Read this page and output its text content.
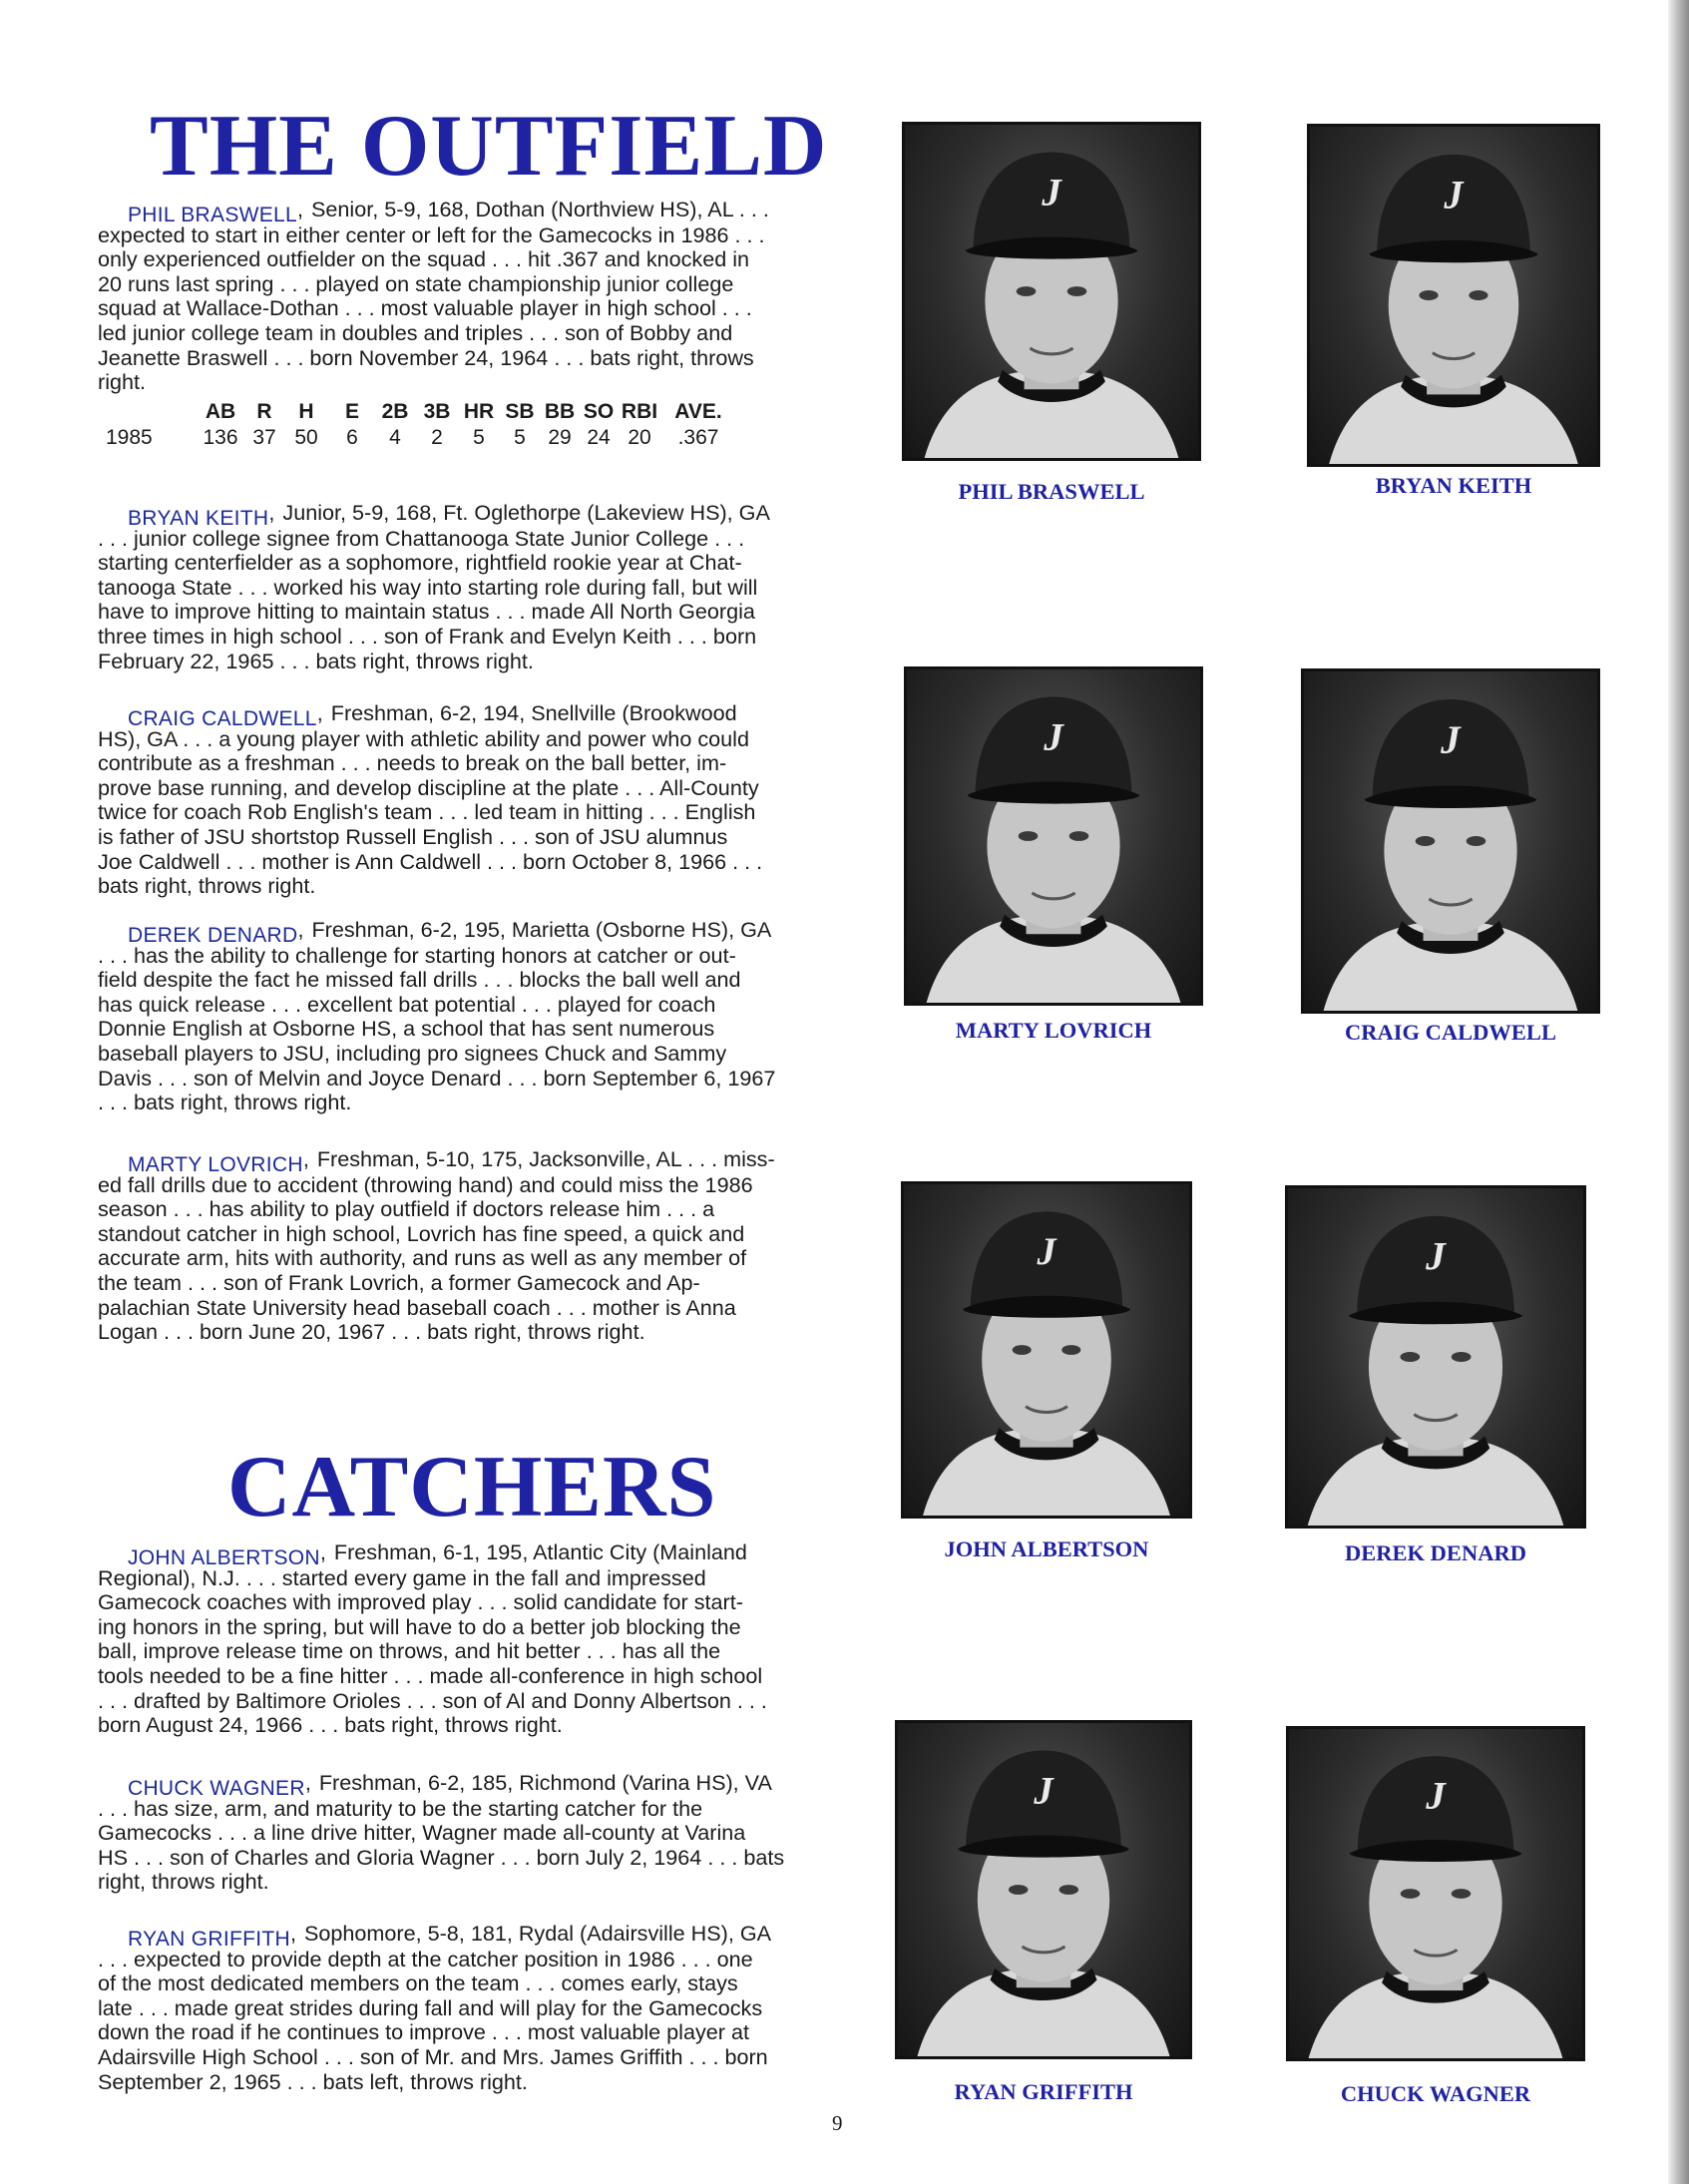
THE OUTFIELD
CATCHERS
PHIL BRASWELL, Senior, 5-9, 168, Dothan (Northview HS), AL . . .
expected to start in either center or left for the Gamecocks in 1986 . . .
only experienced outfielder on the squad . . . hit .367 and knocked in
20 runs last spring . . . played on state championship junior college
squad at Wallace-Dothan . . . most valuable player in high school . . .
led junior college team in doubles and triples . . . son of Bobby and
Jeanette Braswell . . . born November 24, 1964 . . . bats right, throws
right.
BRYAN KEITH, Junior, 5-9, 168, Ft. Oglethorpe (Lakeview HS), GA
. . . junior college signee from Chattanooga State Junior College . . .
starting centerfielder as a sophomore, rightfield rookie year at Chat-
tanooga State . . . worked his way into starting role during fall, but will
have to improve hitting to maintain status . . . made All North Georgia
three times in high school . . . son of Frank and Evelyn Keith . . . born
February 22, 1965 . . . bats right, throws right.
CRAIG CALDWELL, Freshman, 6-2, 194, Snellville (Brookwood
HS), GA . . . a young player with athletic ability and power who could
contribute as a freshman . . . needs to break on the ball better, im-
prove base running, and develop discipline at the plate . . . All-County
twice for coach Rob English's team . . . led team in hitting . . . English
is father of JSU shortstop Russell English . . . son of JSU alumnus
Joe Caldwell . . . mother is Ann Caldwell . . . born October 8, 1966 . . .
bats right, throws right.
DEREK DENARD, Freshman, 6-2, 195, Marietta (Osborne HS), GA
. . . has the ability to challenge for starting honors at catcher or out-
field despite the fact he missed fall drills . . . blocks the ball well and
has quick release . . . excellent bat potential . . . played for coach
Donnie English at Osborne HS, a school that has sent numerous
baseball players to JSU, including pro signees Chuck and Sammy
Davis . . . son of Melvin and Joyce Denard . . . born September 6, 1967
. . . bats right, throws right.
MARTY LOVRICH, Freshman, 5-10, 175, Jacksonville, AL . . . miss-
ed fall drills due to accident (throwing hand) and could miss the 1986
season . . . has ability to play outfield if doctors release him . . . a
standout catcher in high school, Lovrich has fine speed, a quick and
accurate arm, hits with authority, and runs as well as any member of
the team . . . son of Frank Lovrich, a former Gamecock and Ap-
palachian State University head baseball coach . . . mother is Anna
Logan . . . born June 20, 1967 . . . bats right, throws right.
JOHN ALBERTSON, Freshman, 6-1, 195, Atlantic City (Mainland
Regional), N.J. . . . started every game in the fall and impressed
Gamecock coaches with improved play . . . solid candidate for start-
ing honors in the spring, but will have to do a better job blocking the
ball, improve release time on throws, and hit better . . . has all the
tools needed to be a fine hitter . . . made all-conference in high school
. . . drafted by Baltimore Orioles . . . son of Al and Donny Albertson . . .
born August 24, 1966 . . . bats right, throws right.
CHUCK WAGNER, Freshman, 6-2, 185, Richmond (Varina HS), VA
. . . has size, arm, and maturity to be the starting catcher for the
Gamecocks . . . a line drive hitter, Wagner made all-county at Varina
HS . . . son of Charles and Gloria Wagner . . . born July 2, 1964 . . . bats
right, throws right.
RYAN GRIFFITH, Sophomore, 5-8, 181, Rydal (Adairsville HS), GA
. . . expected to provide depth at the catcher position in 1986 . . . one
of the most dedicated members on the team . . . comes early, stays
late . . . made great strides during fall and will play for the Gamecocks
down the road if he continues to improve . . . most valuable player at
Adairsville High School . . . son of Mr. and Mrs. James Griffith . . . born
September 2, 1965 . . . bats left, throws right.
AB	R	H	E	2B 3B HR SB BB SO RBI AVE.
1985	136 37 50	6	4	2	5	5	29 24 20	.367
J	J
J	J
J	J
J	J
PHIL BRASWELL	BRYAN KEITH
MARTY LOVRICH	CRAIG CALDWELL
JOHN ALBERTSON	DEREK DENARD
RYAN GRIFFITH	CHUCK WAGNER
9
